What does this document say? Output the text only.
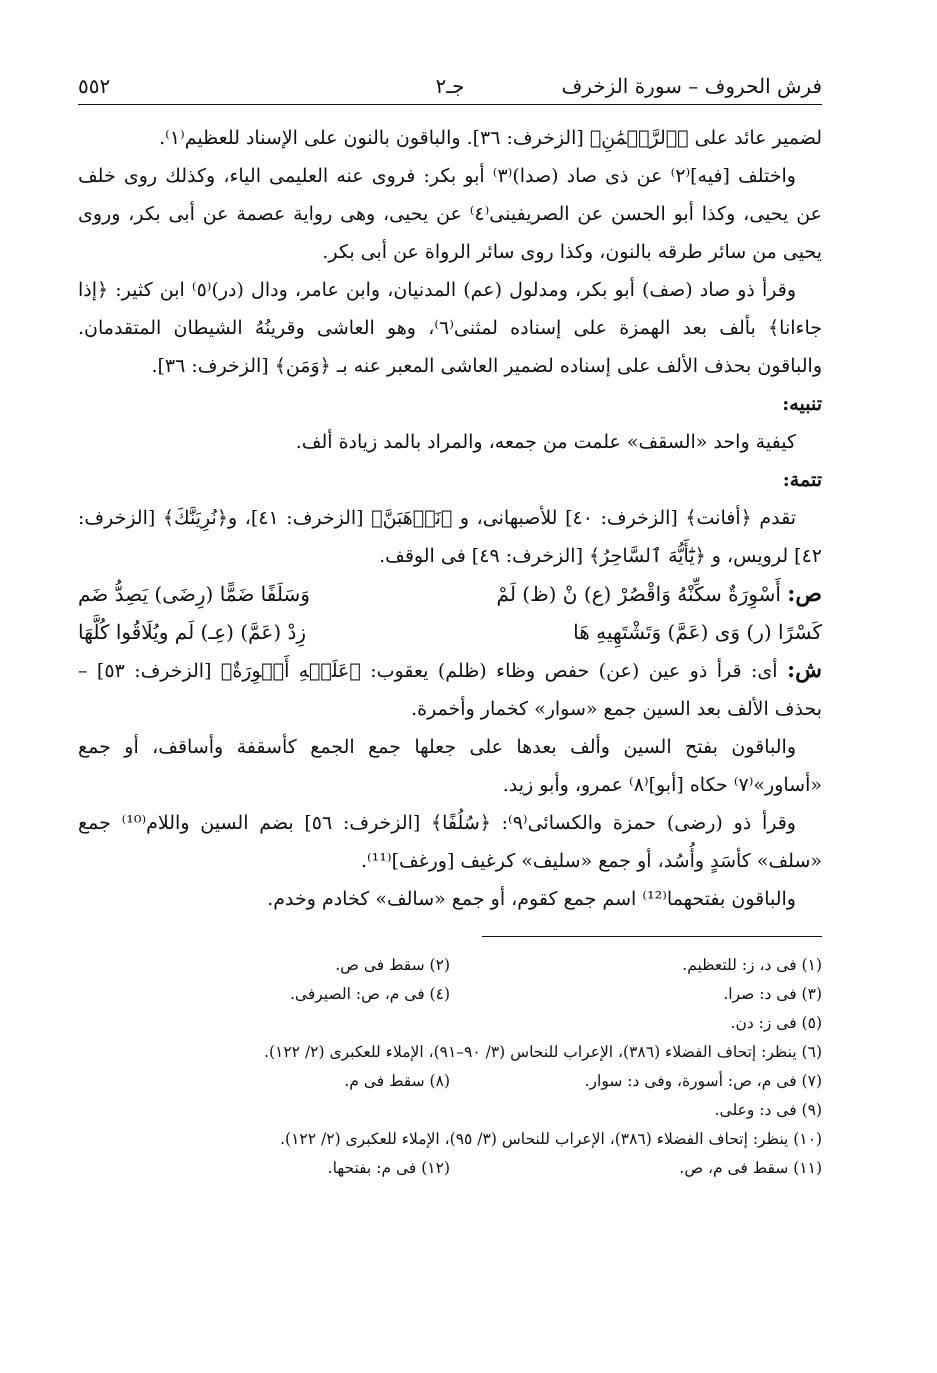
فرش الحروف – سورة الزخرف
جـ٢
٥٥٢

لضمير عائد على ﴿ٱلرَّحۡمَٰنِ﴾ [الزخرف: ٣٦]. والباقون بالنون على الإسناد للعظيم⁽١⁾.

واختلف [فيه]⁽٢⁾ عن ذى صاد (صدا)⁽٣⁾ أبو بكر: فروى عنه العليمى الياء، وكذلك روى خلف عن يحيى، وكذا أبو الحسن عن الصريفينى⁽٤⁾ عن يحيى، وهى رواية عصمة عن أبى بكر، وروى يحيى من سائر طرقه بالنون، وكذا روى سائر الرواة عن أبى بكر.

وقرأ ذو صاد (صف) أبو بكر، ومدلول (عم) المدنيان، وابن عامر، ودال (در)⁽٥⁾ ابن كثير: ﴿إذا جاءانا﴾ بألف بعد الهمزة على إسناده لمثنى⁽٦⁾، وهو العاشى وقرينُهُ الشيطان المتقدمان. والباقون بحذف الألف على إسناده لضمير العاشى المعبر عنه بـ ﴿وَمَن﴾ [الزخرف: ٣٦].

تنبيه:

كيفية واحد «السقف» علمت من جمعه، والمراد بالمد زيادة ألف.

تتمة:

تقدم ﴿أفانت﴾ [الزخرف: ٤٠] للأصبهانى، و ﴿نَذۡهَبَنَّ﴾ [الزخرف: ٤١]، و﴿نُرِيَنَّكَ﴾ [الزخرف: ٤٢] لرويس، و ﴿يَٰٓأَيُّهَ ٱلسَّاحِرُ﴾ [الزخرف: ٤٩] فى الوقف.

ص: أَسْوِرَةٌ سكِّنْهُ وَاقْصُرْ (ع) نْ (ظ) لَمْ
وَسَلَفًا ضَمًّا (رِضَى) يَصِدُّ ضَم
كَسْرًا (ر) وَى (عَمَّ) وَتَشْتَهِيهِ هَا
زِدْ (عَمَّ) (عِـ) لَم ويُلَاقُوا كُلَّهَا

ش: أى: قرأ ذو عين (عن) حفص وظاء (ظلم) يعقوب: ﴿عَلَيۡهِ أَسۡوِرَةٌ﴾ [الزخرف: ٥٣] – بحذف الألف بعد السين جمع «سوار» كخمار وأخمرة.

والباقون بفتح السين وألف بعدها على جعلها جمع الجمع كأسقفة وأساقف، أو جمع «أساور»⁽٧⁾ حكاه [أبو]⁽٨⁾ عمرو، وأبو زيد.

وقرأ ذو (رضى) حمزة والكسائى⁽٩⁾: ﴿سُلُفًا﴾ [الزخرف: ٥٦] بضم السين واللام⁽¹⁰⁾ جمع «سلف» كأسَدٍ وأُسُد، أو جمع «سليف» كرغيف [ورغف]⁽¹¹⁾.

والباقون بفتحهما⁽¹²⁾ اسم جمع كقوم، أو جمع «سالف» كخادم وخدم.

(١) فى د، ز: للتعظيم.
(٢) سقط فى ص.
(٣) فى د: صرا.
(٤) فى م، ص: الصيرفى.
(٥) فى ز: دن.
(٦) ينظر: إتحاف الفضلاء (٣٨٦)، الإعراب للنحاس (٣/ ٩٠–٩١)، الإملاء للعكبرى (٢/ ١٢٢).
(٧) فى م، ص: أسورة، وفى د: سوار.
(٨) سقط فى م.
(٩) فى د: وعلى.
(١٠) ينظر: إتحاف الفضلاء (٣٨٦)، الإعراب للنحاس (٣/ ٩٥)، الإملاء للعكبرى (٢/ ١٢٢).
(١١) سقط فى م، ص.
(١٢) فى م: بفتحها.
